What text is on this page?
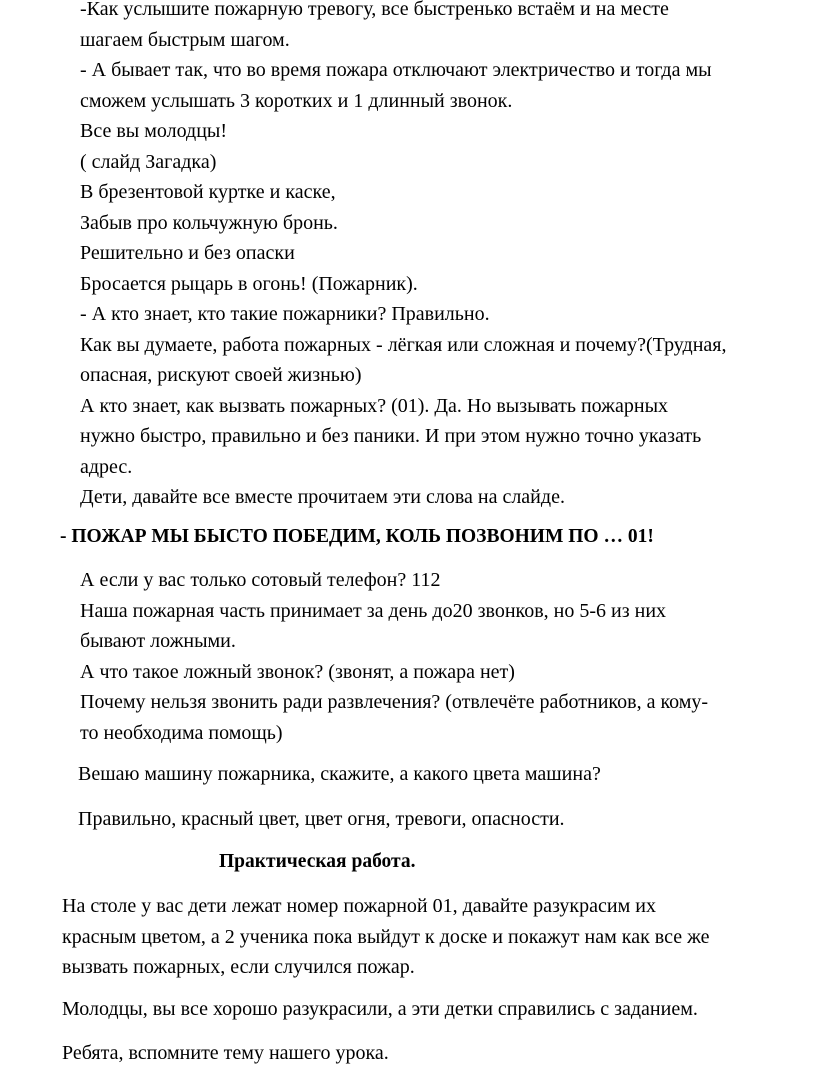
-Как услышите пожарную тревогу, все быстренько встаём и на месте
шагаем быстрым шагом.
- А бывает так, что во время пожара отключают электричество и тогда мы
сможем услышать 3 коротких и 1 длинный звонок.
Все вы молодцы!
( слайд Загадка)
В брезентовой куртке и каске,
Забыв про кольчужную бронь.
Решительно и без опаски
Бросается рыцарь в огонь! (Пожарник).
- А кто знает, кто такие пожарники? Правильно.
Как вы думаете, работа пожарных - лёгкая или сложная и почему?(Трудная,
опасная, рискуют своей жизнью)
А кто знает, как вызвать пожарных? (01). Да. Но вызывать пожарных
нужно быстро, правильно и без паники. И при этом нужно точно указать
адрес.
Дети, давайте все вместе прочитаем эти слова на слайде.

- ПОЖАР МЫ БЫСТО ПОБЕДИМ, КОЛЬ ПОЗВОНИМ ПО … 01!

А если у вас только сотовый телефон? 112
Наша пожарная часть принимает за день до20 звонков, но 5-6 из них
бывают ложными.
А что такое ложный звонок? (звонят, а пожара нет)
Почему нельзя звонить ради развлечения? (отвлечёте работников, а кому-
то необходима помощь)

Вешаю машину пожарника, скажите, а какого цвета машина?

Правильно, красный цвет, цвет огня, тревоги, опасности.

Практическая работа.

На столе у вас дети лежат номер пожарной 01, давайте разукрасим их
красным цветом, а 2 ученика пока выйдут к доске и покажут нам как все же
вызвать пожарных, если случился пожар.

Молодцы, вы все хорошо разукрасили, а эти детки справились с заданием.

Ребята, вспомните тему нашего урока.
